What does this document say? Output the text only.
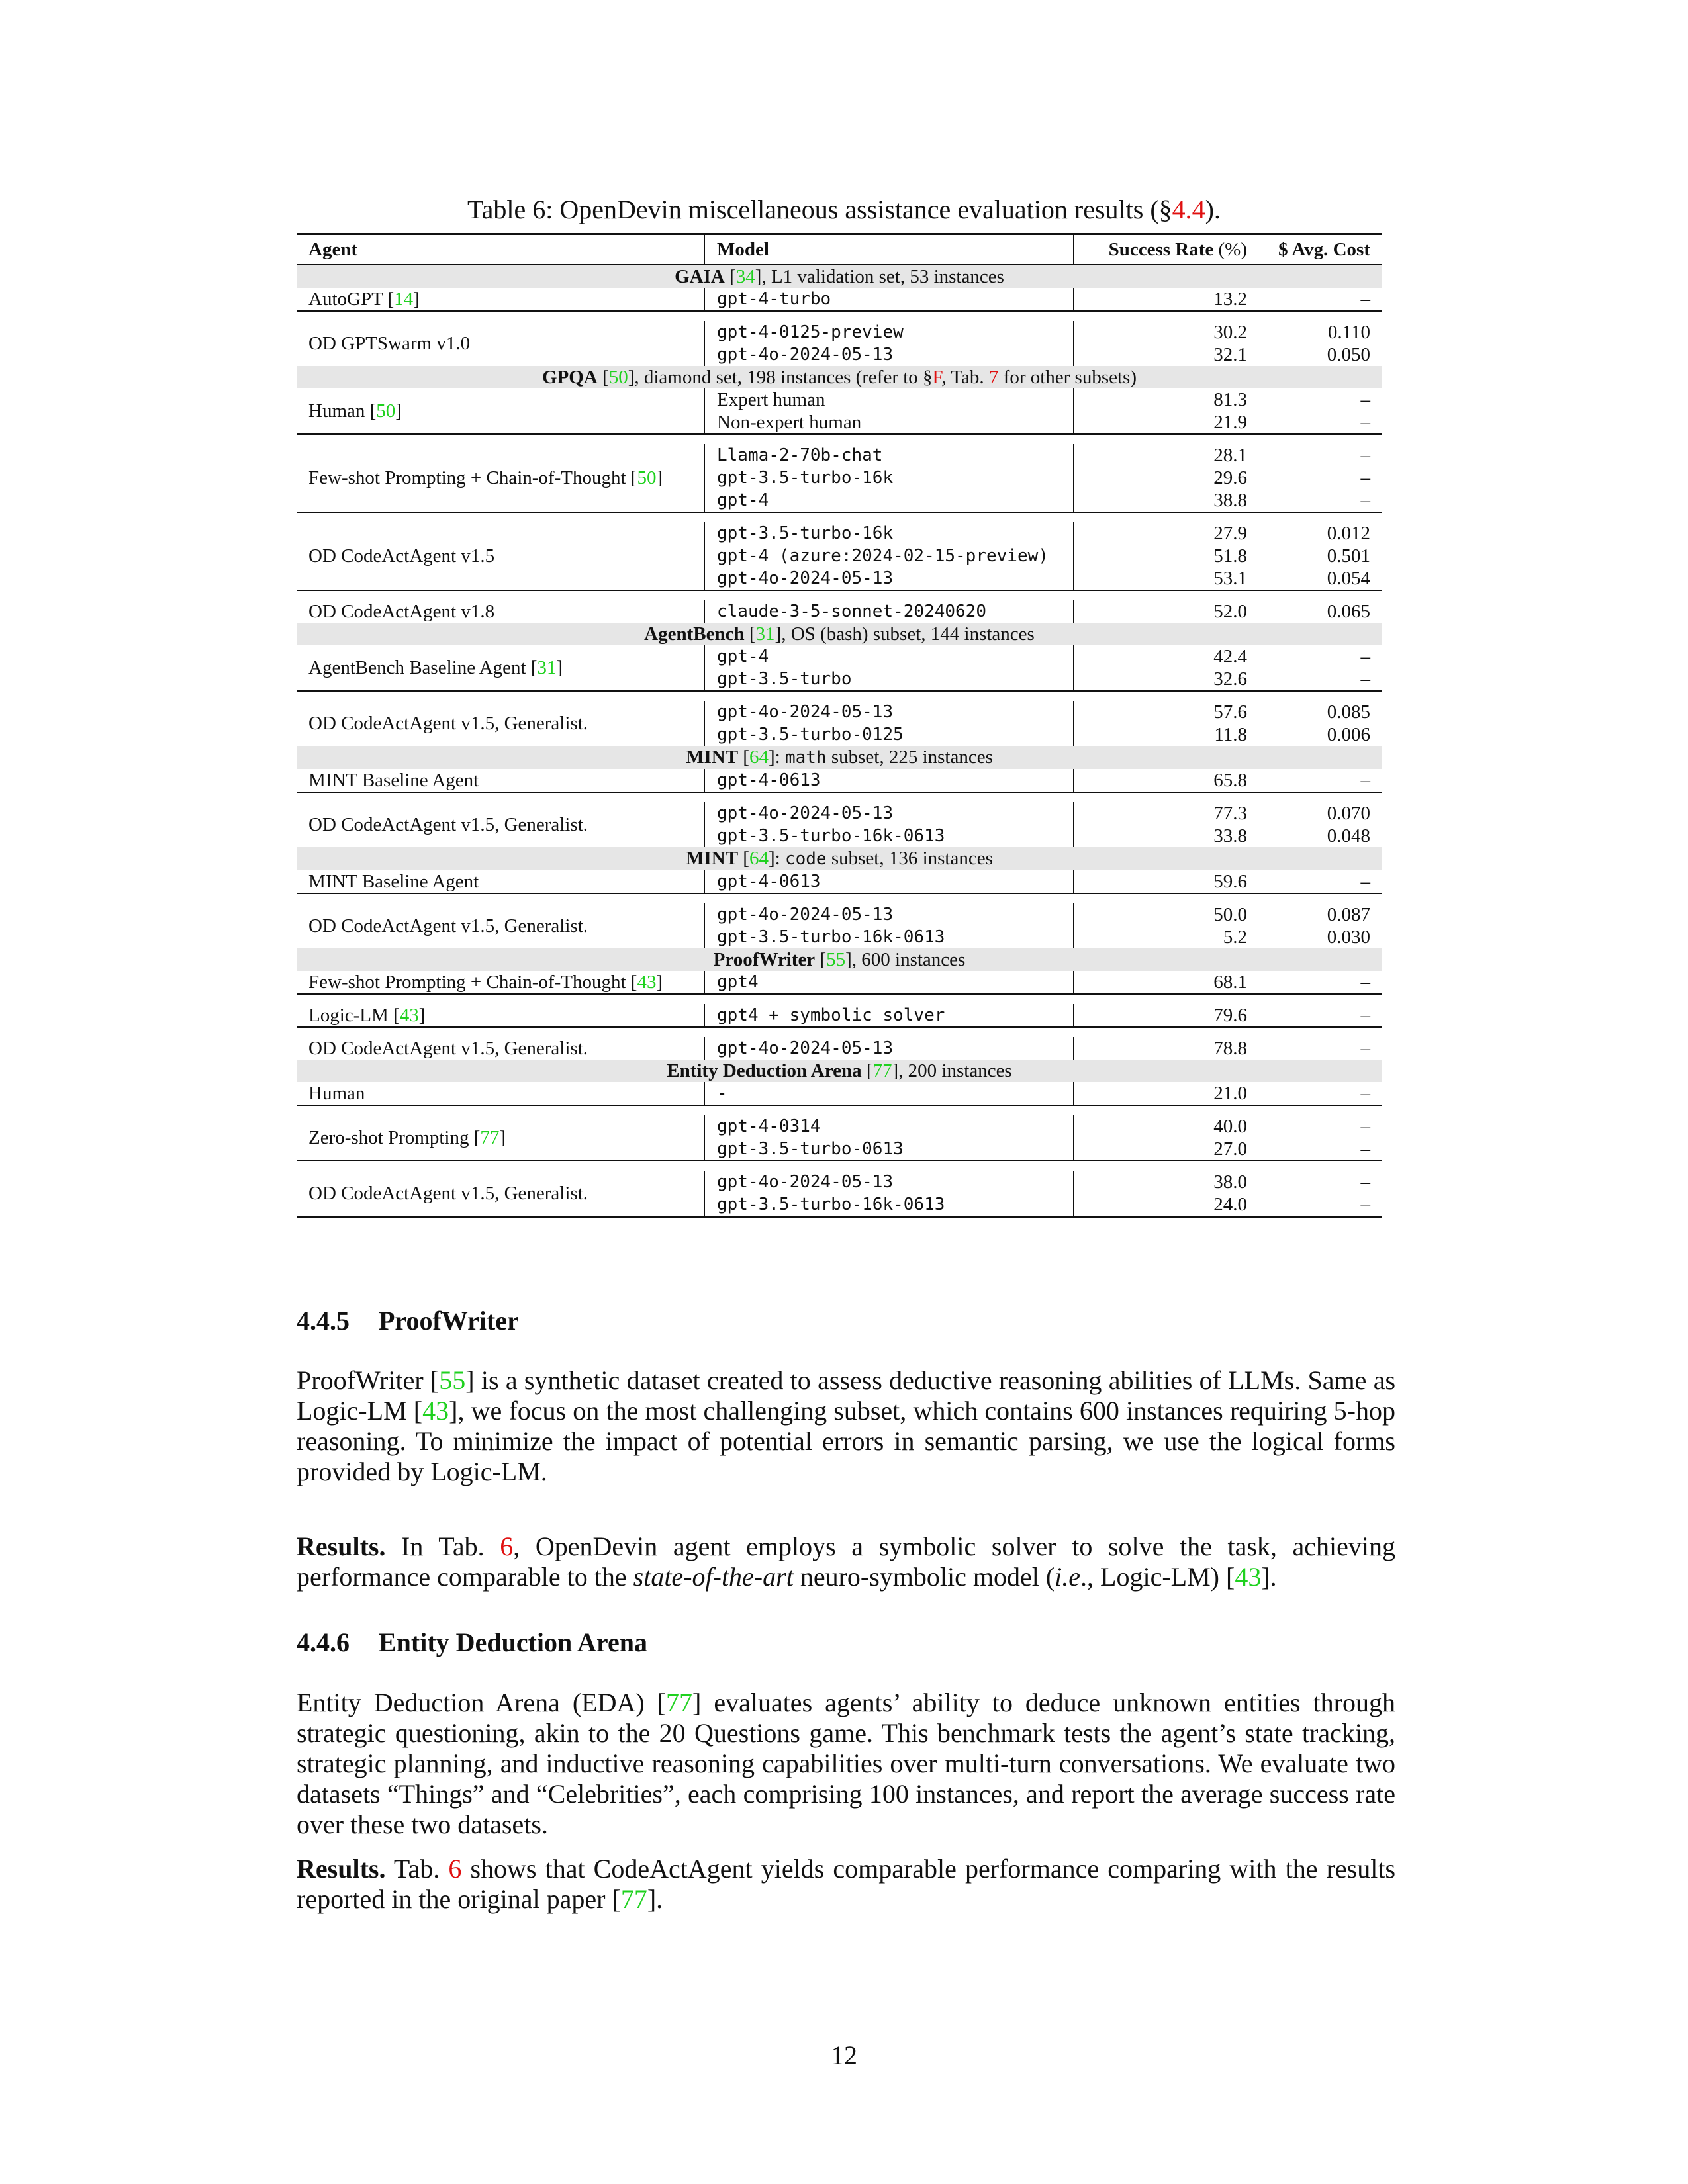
Table 6: OpenDevin miscellaneous assistance evaluation results (§4.4).
Agent	Model	Success Rate (%)	$ Avg. Cost
GAIA [34], L1 validation set, 53 instances			
AutoGPT [14]	gpt-4-turbo	13.2	–

OD GPTSwarm v1.0	gpt-4-0125-preview	30.2	0.110
	gpt-4o-2024-05-13	32.1	0.050
GPQA [50], diamond set, 198 instances (refer to §F, Tab. 7 for other subsets)			
Human [50]	Expert human	81.3	–
	Non-expert human	21.9	–

Few-shot Prompting + Chain-of-Thought [50]	Llama-2-70b-chat	28.1	–
	gpt-3.5-turbo-16k	29.6	–
	gpt-4	38.8	–

OD CodeActAgent v1.5	gpt-3.5-turbo-16k	27.9	0.012
	gpt-4 (azure:2024-02-15-preview)	51.8	0.501
	gpt-4o-2024-05-13	53.1	0.054

OD CodeActAgent v1.8	claude-3-5-sonnet-20240620	52.0	0.065
AgentBench [31], OS (bash) subset, 144 instances			
AgentBench Baseline Agent [31]	gpt-4	42.4	–
	gpt-3.5-turbo	32.6	–

OD CodeActAgent v1.5, Generalist.	gpt-4o-2024-05-13	57.6	0.085
	gpt-3.5-turbo-0125	11.8	0.006
MINT [64]: math subset, 225 instances			
MINT Baseline Agent	gpt-4-0613	65.8	–

OD CodeActAgent v1.5, Generalist.	gpt-4o-2024-05-13	77.3	0.070
	gpt-3.5-turbo-16k-0613	33.8	0.048
MINT [64]: code subset, 136 instances			
MINT Baseline Agent	gpt-4-0613	59.6	–

OD CodeActAgent v1.5, Generalist.	gpt-4o-2024-05-13	50.0	0.087
	gpt-3.5-turbo-16k-0613	5.2	0.030
ProofWriter [55], 600 instances			
Few-shot Prompting + Chain-of-Thought [43]	gpt4	68.1	–

Logic-LM [43]	gpt4 + symbolic solver	79.6	–

OD CodeActAgent v1.5, Generalist.	gpt-4o-2024-05-13	78.8	–
Entity Deduction Arena [77], 200 instances			
Human	-	21.0	–

Zero-shot Prompting [77]	gpt-4-0314	40.0	–
	gpt-3.5-turbo-0613	27.0	–

OD CodeActAgent v1.5, Generalist.	gpt-4o-2024-05-13	38.0	–
	gpt-3.5-turbo-16k-0613	24.0	–
4.4.5 ProofWriter
ProofWriter [55] is a synthetic dataset created to assess deductive reasoning abilities of LLMs. Same as Logic-LM [43], we focus on the most challenging subset, which contains 600 instances requiring 5-hop reasoning. To minimize the impact of potential errors in semantic parsing, we use the logical forms provided by Logic-LM.
Results. In Tab. 6, OpenDevin agent employs a symbolic solver to solve the task, achieving performance comparable to the state-of-the-art neuro-symbolic model (i.e., Logic-LM) [43].
4.4.6 Entity Deduction Arena
Entity Deduction Arena (EDA) [77] evaluates agents’ ability to deduce unknown entities through strategic questioning, akin to the 20 Questions game. This benchmark tests the agent’s state tracking, strategic planning, and inductive reasoning capabilities over multi-turn conversations. We evaluate two datasets “Things” and “Celebrities”, each comprising 100 instances, and report the average success rate over these two datasets.
Results. Tab. 6 shows that CodeActAgent yields comparable performance comparing with the results reported in the original paper [77].
12
